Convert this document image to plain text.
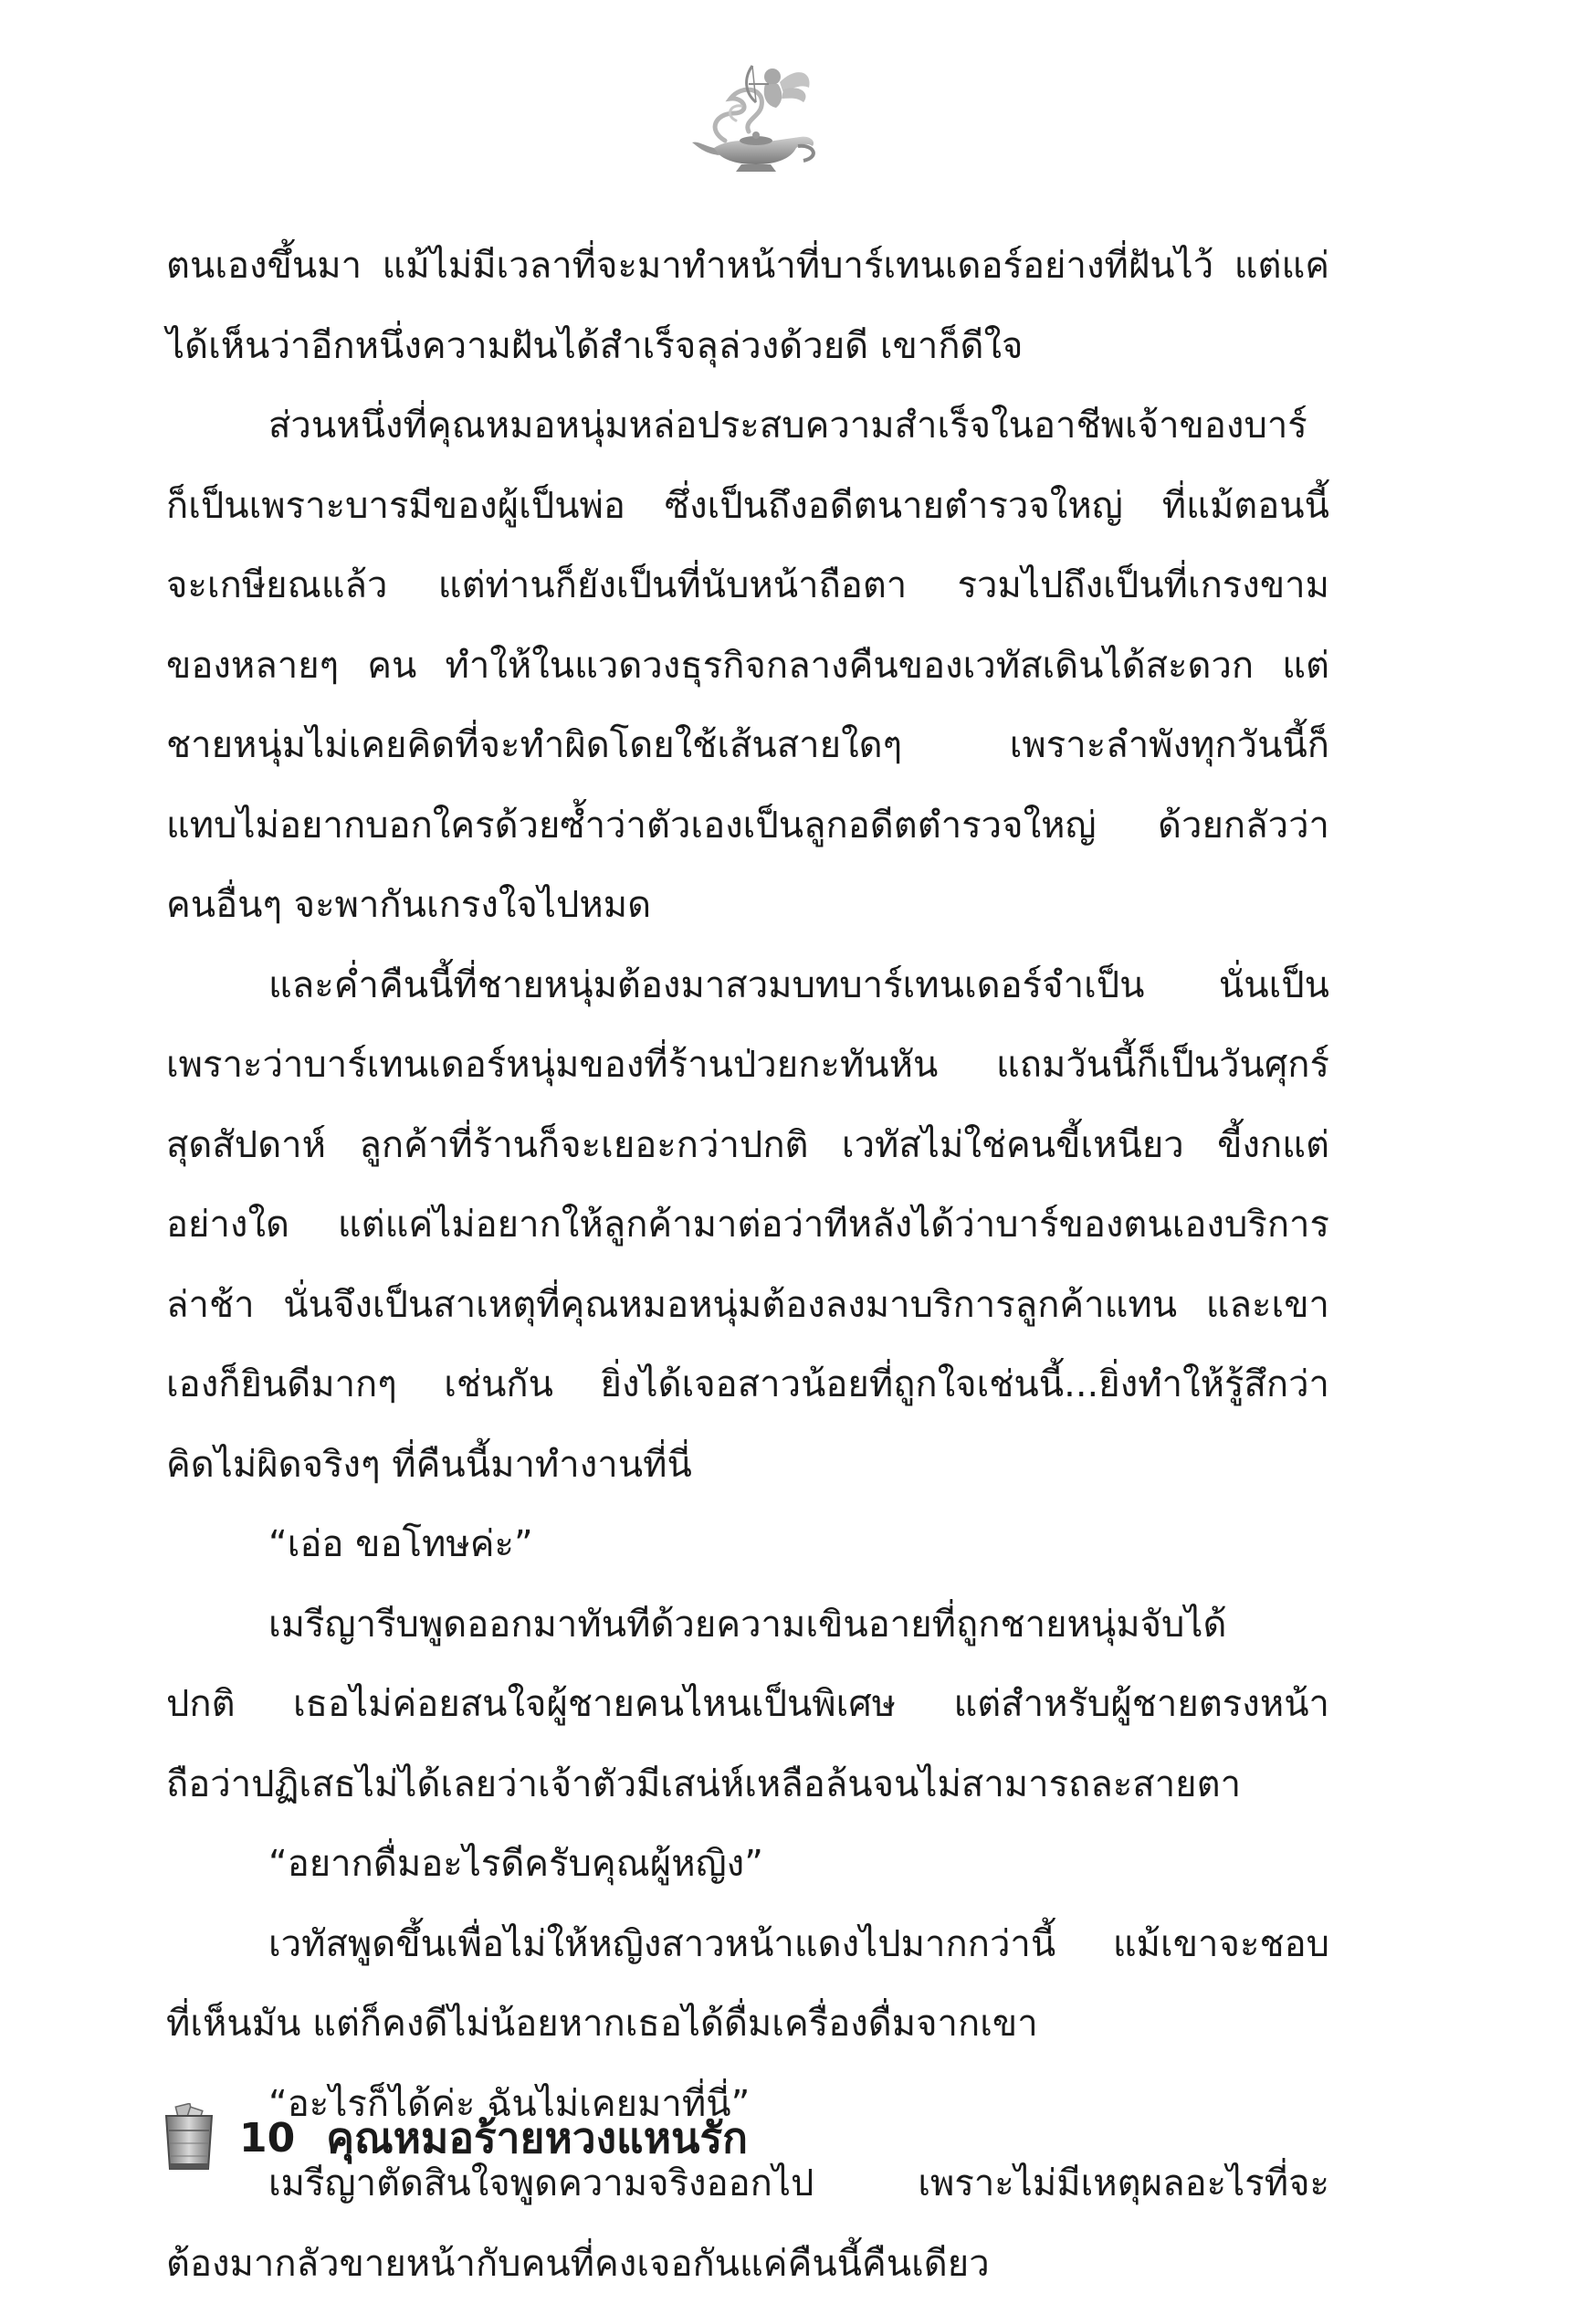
ตนเองขึ้นมา แม้ไม่มีเวลาที่จะมาทำหน้าที่บาร์เทนเดอร์อย่างที่ฝันไว้ แต่แค่
ได้เห็นว่าอีกหนึ่งความฝันได้สำเร็จลุล่วงด้วยดี เขาก็ดีใจ
ส่วนหนึ่งที่คุณหมอหนุ่มหล่อประสบความสำเร็จในอาชีพเจ้าของบาร์
ก็เป็นเพราะบารมีของผู้เป็นพ่อ ซึ่งเป็นถึงอดีตนายตำรวจใหญ่ ที่แม้ตอนนี้
จะเกษียณแล้ว แต่ท่านก็ยังเป็นที่นับหน้าถือตา รวมไปถึงเป็นที่เกรงขาม
ของหลายๆ คน ทำให้ในแวดวงธุรกิจกลางคืนของเวทัสเดินได้สะดวก แต่
ชายหนุ่มไม่เคยคิดที่จะทำผิดโดยใช้เส้นสายใดๆ เพราะลำพังทุกวันนี้ก็
แทบไม่อยากบอกใครด้วยซ้ำว่าตัวเองเป็นลูกอดีตตำรวจใหญ่ ด้วยกลัวว่า
คนอื่นๆ จะพากันเกรงใจไปหมด
และค่ำคืนนี้ที่ชายหนุ่มต้องมาสวมบทบาร์เทนเดอร์จำเป็น นั่นเป็น
เพราะว่าบาร์เทนเดอร์หนุ่มของที่ร้านป่วยกะทันหัน แถมวันนี้ก็เป็นวันศุกร์
สุดสัปดาห์ ลูกค้าที่ร้านก็จะเยอะกว่าปกติ เวทัสไม่ใช่คนขี้เหนียว ขี้งกแต่
อย่างใด แต่แค่ไม่อยากให้ลูกค้ามาต่อว่าทีหลังได้ว่าบาร์ของตนเองบริการ
ล่าช้า นั่นจึงเป็นสาเหตุที่คุณหมอหนุ่มต้องลงมาบริการลูกค้าแทน และเขา
เองก็ยินดีมากๆ เช่นกัน ยิ่งได้เจอสาวน้อยที่ถูกใจเช่นนี้...ยิ่งทำให้รู้สึกว่า
คิดไม่ผิดจริงๆ ที่คืนนี้มาทำงานที่นี่
“เอ่อ ขอโทษค่ะ”
เมรีญารีบพูดออกมาทันทีด้วยความเขินอายที่ถูกชายหนุ่มจับได้
ปกติ เธอไม่ค่อยสนใจผู้ชายคนไหนเป็นพิเศษ แต่สำหรับผู้ชายตรงหน้า
ถือว่าปฏิเสธไม่ได้เลยว่าเจ้าตัวมีเสน่ห์เหลือล้นจนไม่สามารถละสายตา
“อยากดื่มอะไรดีครับคุณผู้หญิง”
เวทัสพูดขึ้นเพื่อไม่ให้หญิงสาวหน้าแดงไปมากกว่านี้ แม้เขาจะชอบ
ที่เห็นมัน แต่ก็คงดีไม่น้อยหากเธอได้ดื่มเครื่องดื่มจากเขา
“อะไรก็ได้ค่ะ ฉันไม่เคยมาที่นี่”
เมรีญาตัดสินใจพูดความจริงออกไป เพราะไม่มีเหตุผลอะไรที่จะ
ต้องมากลัวขายหน้ากับคนที่คงเจอกันแค่คืนนี้คืนเดียว
10 คุณหมอร้ายหวงแหนรัก
